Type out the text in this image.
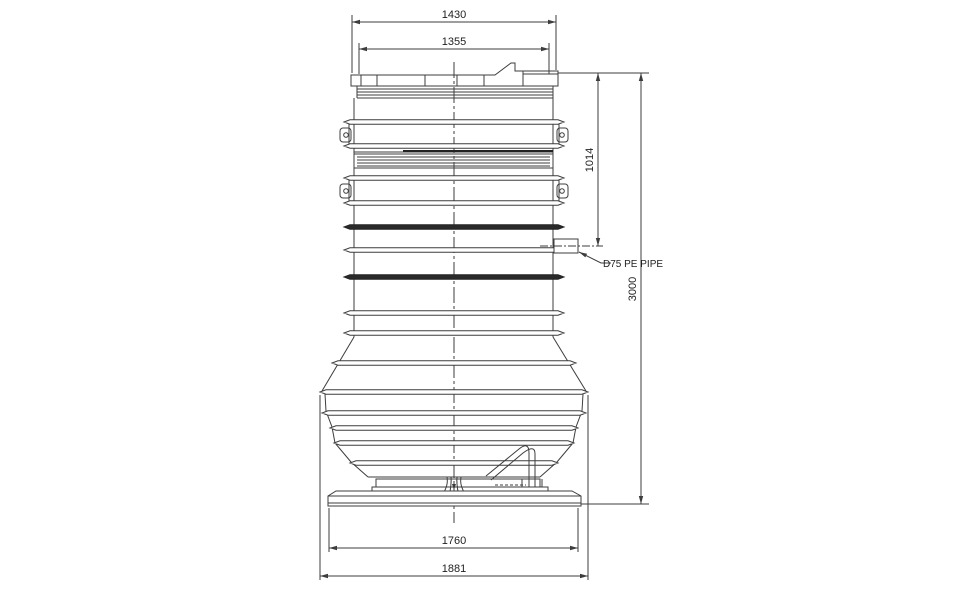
1430
1355
1014
3000
D75 PE PIPE
1760
1881
